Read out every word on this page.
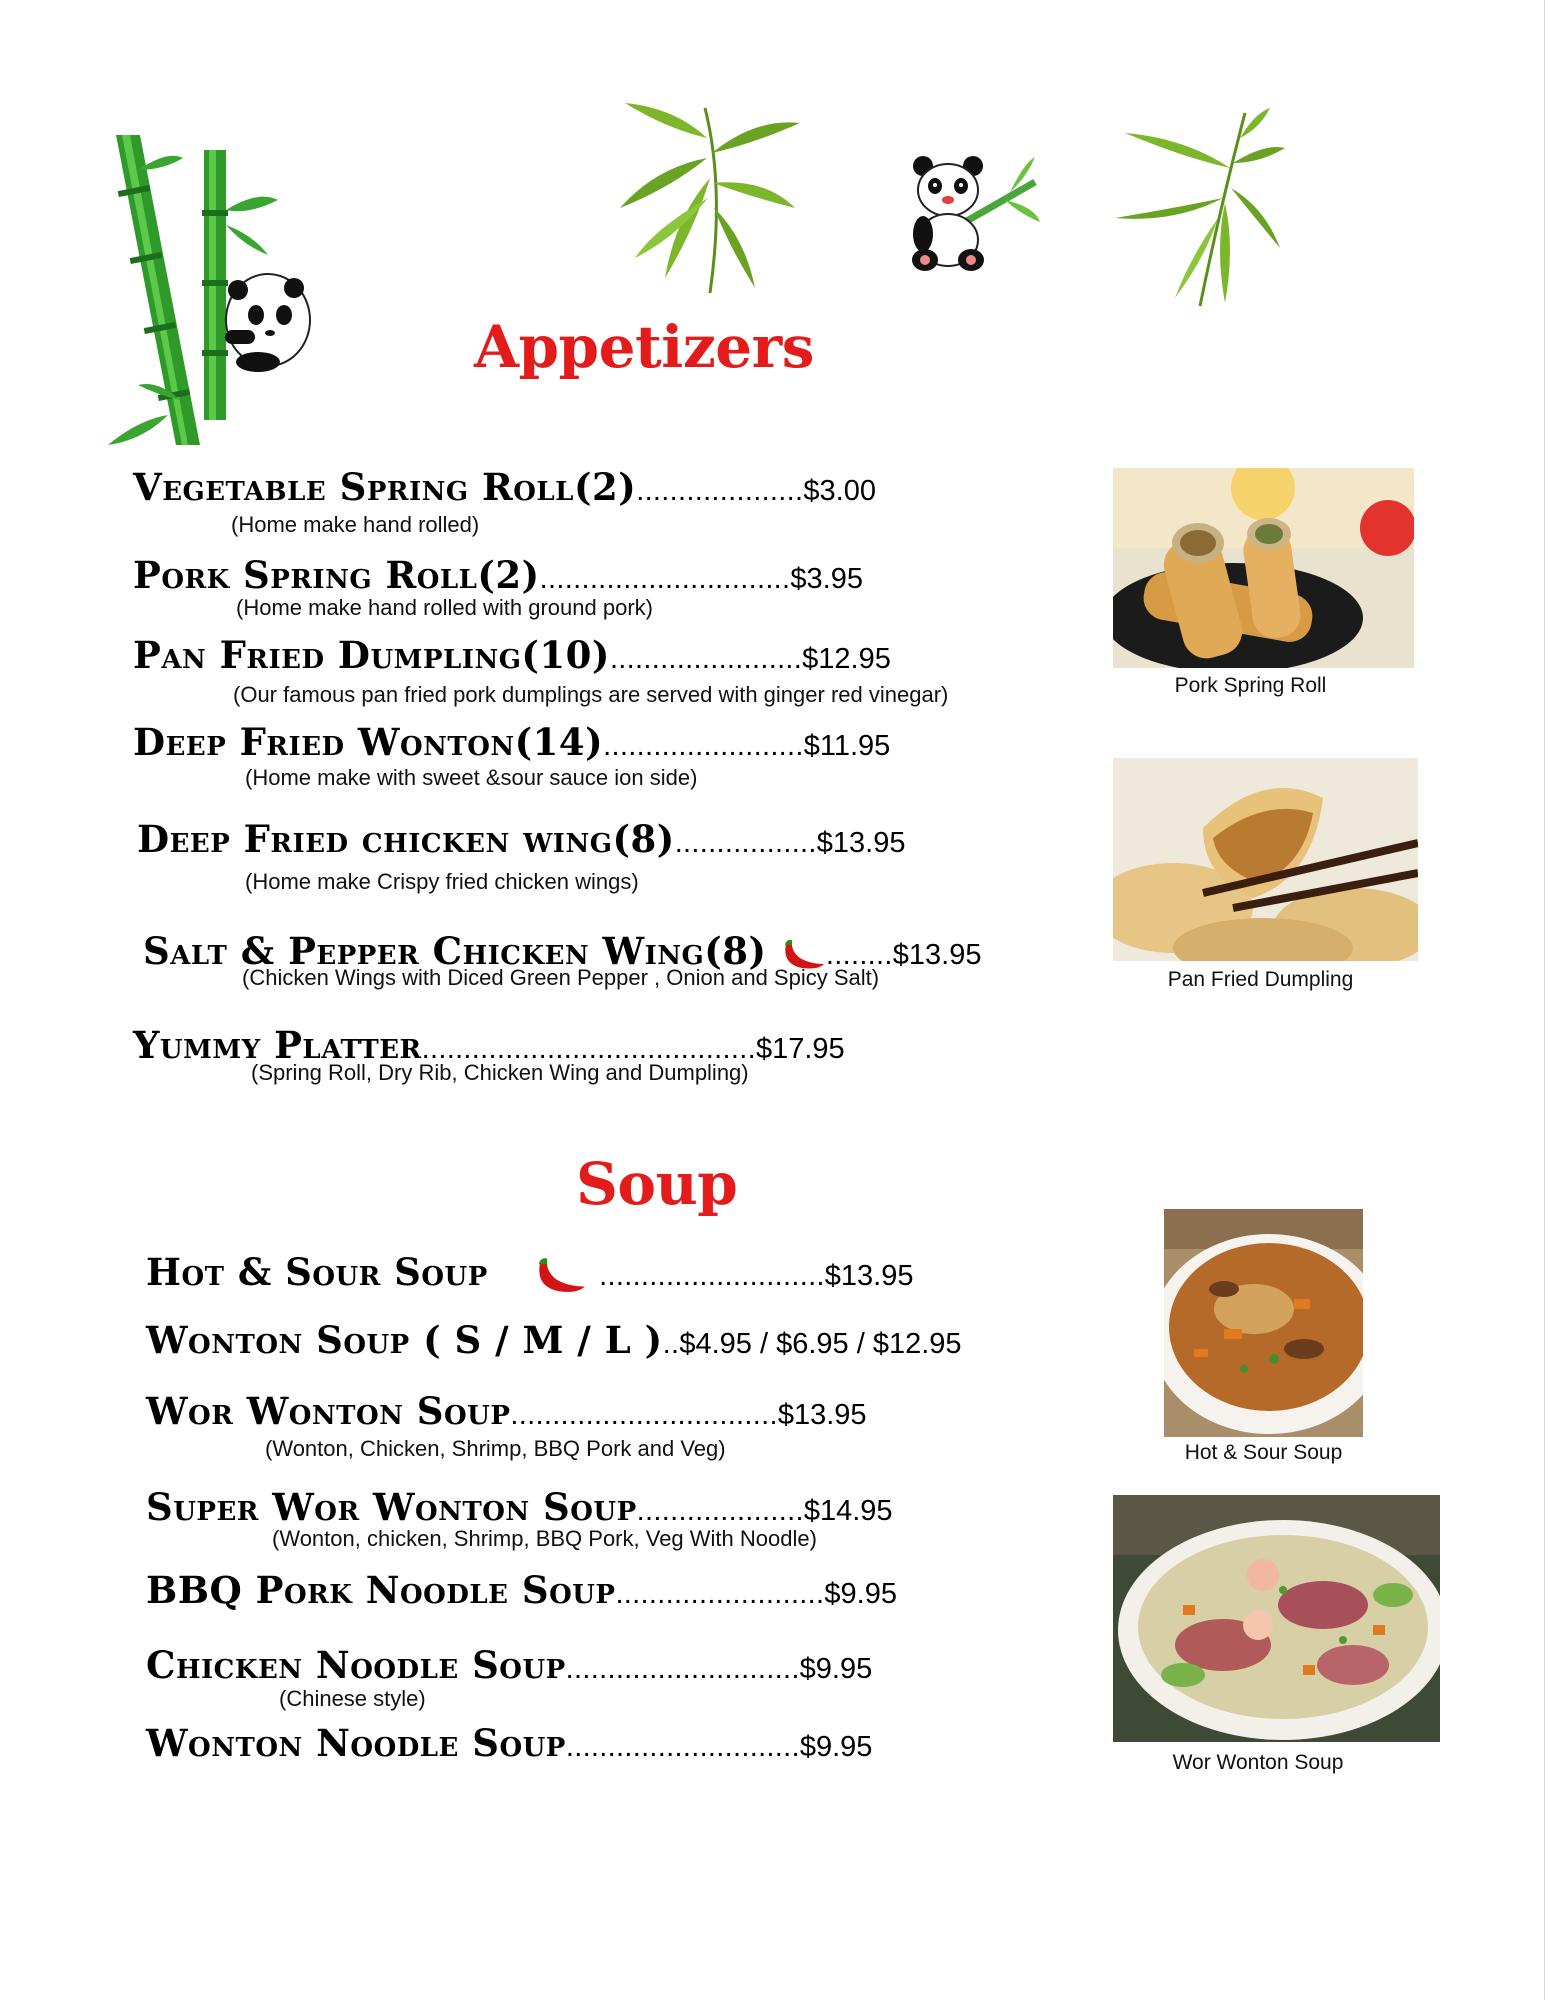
Appetizers
Vegetable Spring Roll(2)....................$3.00
(Home make hand rolled)
Pork Spring Roll(2)..............................$3.95
(Home make hand rolled with ground pork)
Pan Fried Dumpling(10).......................$12.95
(Our famous pan fried pork dumplings are served with ginger red vinegar)
Deep Fried Wonton(14)........................$11.95
(Home make with sweet &sour sauce ion side)
Deep Fried chicken wing(8).................$13.95
(Home make Crispy fried chicken wings)
Salt & Pepper Chicken Wing(8) ........$13.95
(Chicken Wings with Diced Green Pepper , Onion and Spicy Salt)
Yummy Platter........................................$17.95
(Spring Roll, Dry Rib, Chicken Wing and Dumpling)
Soup
Hot & Sour Soup	...........................$13.95
Wonton Soup ( S / M / L )..$4.95 / $6.95 / $12.95
Wor Wonton Soup................................$13.95
(Wonton, Chicken, Shrimp, BBQ Pork and Veg)
Super Wor Wonton Soup....................$14.95
(Wonton, chicken, Shrimp, BBQ Pork, Veg With Noodle)
BBQ Pork Noodle Soup.........................$9.95
Chicken Noodle Soup............................$9.95
(Chinese style)
Wonton Noodle Soup............................$9.95
Pork Spring Roll
Pan Fried Dumpling
Hot & Sour Soup
Wor Wonton Soup
